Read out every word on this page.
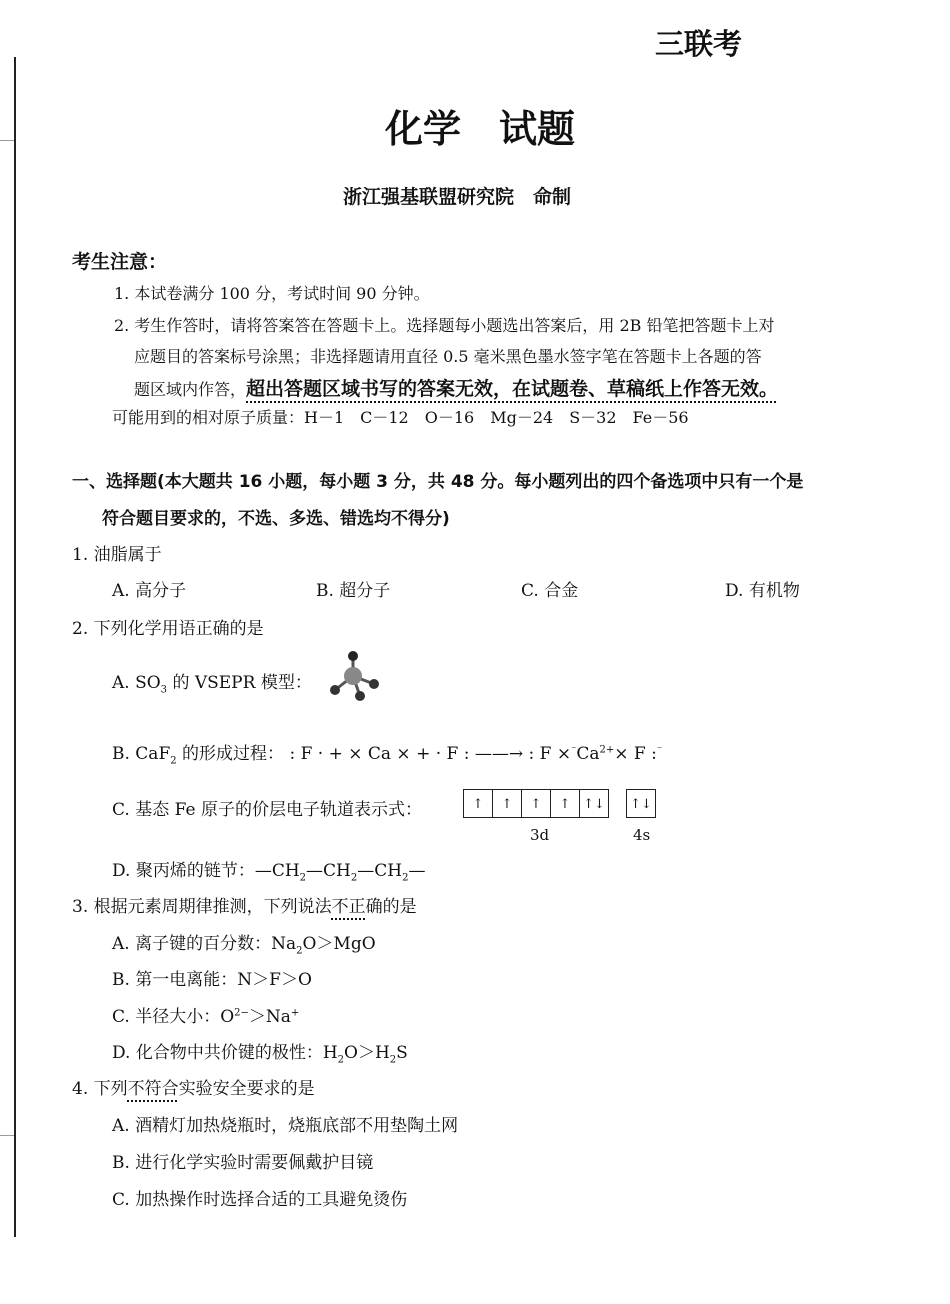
三联考
化学　试题
浙江强基联盟研究院　命制
考生注意：
1. 本试卷满分 100 分，考试时间 90 分钟。
2. 考生作答时，请将答案答在答题卡上。选择题每小题选出答案后，用 2B 铅笔把答题卡上对
应题目的答案标号涂黑；非选择题请用直径 0.5 毫米黑色墨水签字笔在答题卡上各题的答
题区域内作答，超出答题区域书写的答案无效，在试题卷、草稿纸上作答无效。
可能用到的相对原子质量：H－1　C－12　O－16　Mg－24　S－32　Fe－56
一、选择题(本大题共 16 小题，每小题 3 分，共 48 分。每小题列出的四个备选项中只有一个是
符合题目要求的，不选、多选、错选均不得分)
1. 油脂属于
A. 高分子	B. 超分子	C. 合金	D. 有机物
2. 下列化学用语正确的是
A. $SO_3$ 的 VSEPR 模型：
B. CaF$_2$ 的形成过程： : F · + × Ca × + · F : ——→ : $F \times^{^-}Ca^{2+}\times F$ :⁻
C. 基态 Fe 原子的价层电子轨道表示式：	↑	↑	↑	↑ ↑↓	↑↓
3d	4s
D. 聚丙烯的链节：$—CH_2—CH_2—CH_2—$
3. 根据元素周期律推测，下列说法不正确的是
A. 离子键的百分数：$Na_2O>MgO$
B. 第一电离能：N＞F＞O
C. 半径大小：$O^{2-}>Na^+$
D. 化合物中共价键的极性：$H_2O>H_2S$
4. 下列不符合实验安全要求的是
A. 酒精灯加热烧瓶时，烧瓶底部不用垫陶土网
B. 进行化学实验时需要佩戴护目镜
C. 加热操作时选择合适的工具避免烫伤
